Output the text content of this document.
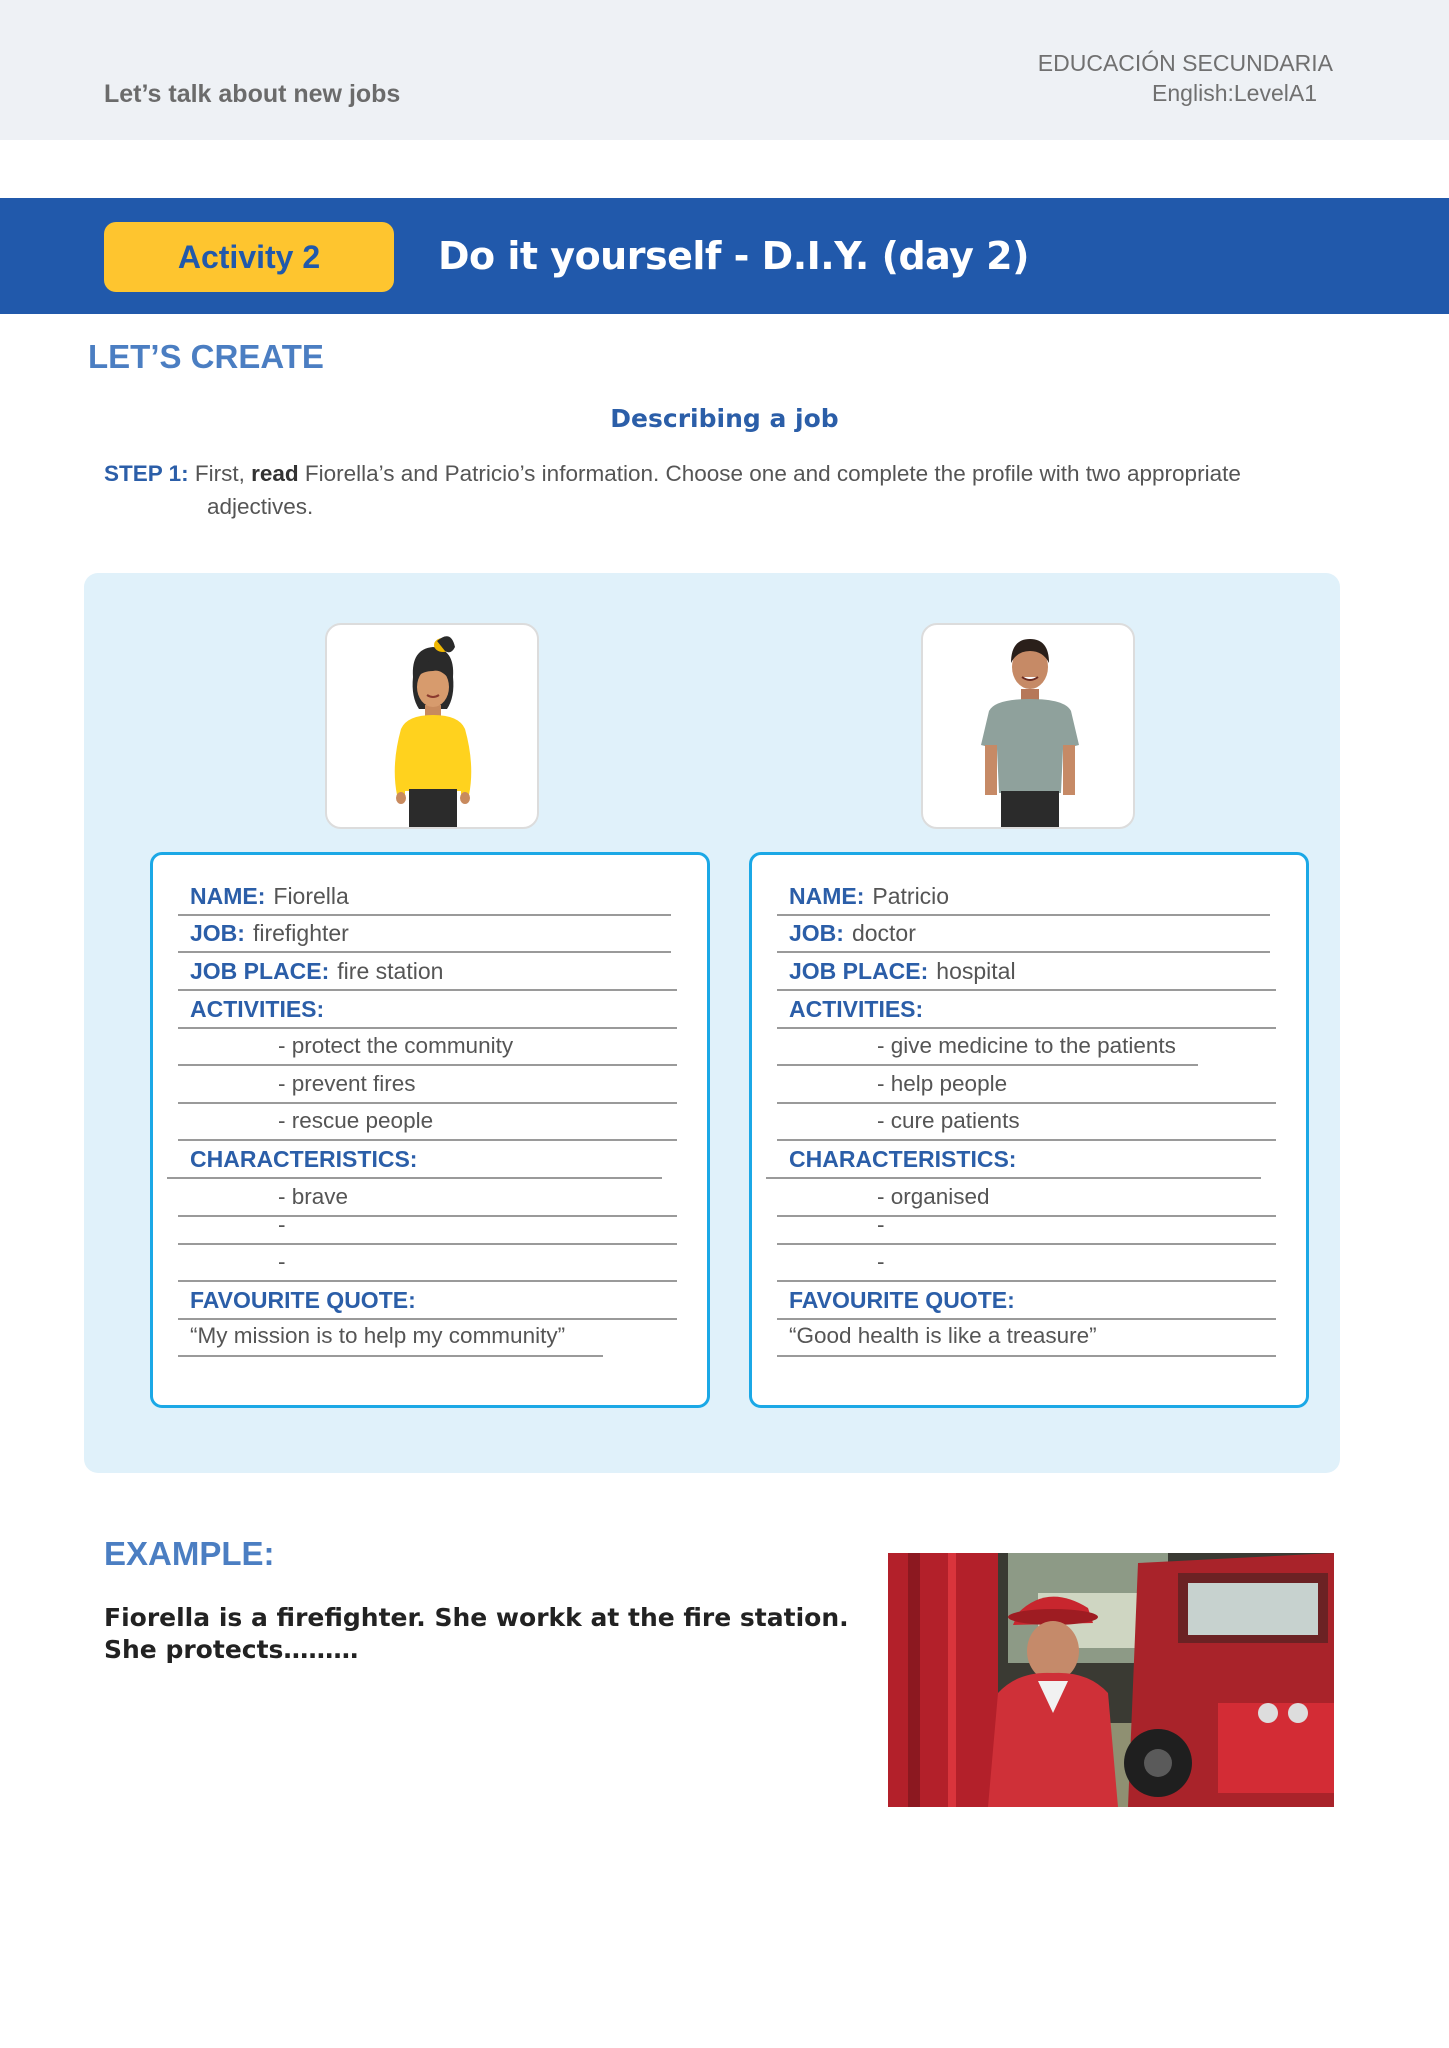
Let’s talk about new jobs
EDUCACIÓN SECUNDARIA
English:LevelA1
Activity 2	Do it yourself - D.I.Y. (day 2)
LET’S CREATE
Describing a job
STEP 1: First, read Fiorella’s and Patricio’s information. Choose one and complete the profile with two appropriate
adjectives.
NAME: Fiorella
JOB: firefighter
JOB PLACE: fire station
ACTIVITIES:
- protect the community
- prevent fires
- rescue people
CHARACTERISTICS:
- brave
-
-
FAVOURITE QUOTE:
“My mission is to help my community”
NAME: Patricio
JOB: doctor
JOB PLACE: hospital
ACTIVITIES:
- give medicine to the patients
- help people
- cure patients
CHARACTERISTICS:
- organised
-
-
FAVOURITE QUOTE:
“Good health is like a treasure”
EXAMPLE:
Fiorella is a firefighter. She workk at the fire station. She protects………
